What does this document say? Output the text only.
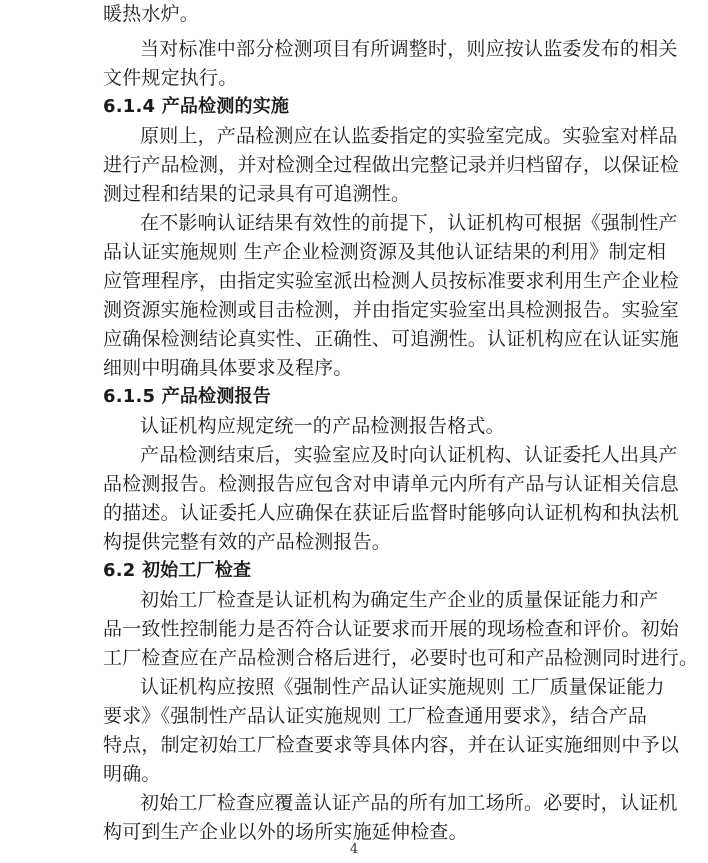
暖热水炉。
当对标准中部分检测项目有所调整时，则应按认监委发布的相关
文件规定执行。
6.1.4 产品检测的实施
原则上，产品检测应在认监委指定的实验室完成。实验室对样品
进行产品检测，并对检测全过程做出完整记录并归档留存，以保证检
测过程和结果的记录具有可追溯性。
在不影响认证结果有效性的前提下，认证机构可根据《强制性产
品认证实施规则 生产企业检测资源及其他认证结果的利用》制定相
应管理程序，由指定实验室派出检测人员按标准要求利用生产企业检
测资源实施检测或目击检测，并由指定实验室出具检测报告。实验室
应确保检测结论真实性、正确性、可追溯性。认证机构应在认证实施
细则中明确具体要求及程序。
6.1.5 产品检测报告
认证机构应规定统一的产品检测报告格式。
产品检测结束后，实验室应及时向认证机构、认证委托人出具产
品检测报告。检测报告应包含对申请单元内所有产品与认证相关信息
的描述。认证委托人应确保在获证后监督时能够向认证机构和执法机
构提供完整有效的产品检测报告。
6.2 初始工厂检查
初始工厂检查是认证机构为确定生产企业的质量保证能力和产
品一致性控制能力是否符合认证要求而开展的现场检查和评价。初始
工厂检查应在产品检测合格后进行，必要时也可和产品检测同时进行。
认证机构应按照《强制性产品认证实施规则 工厂质量保证能力
要求》《强制性产品认证实施规则 工厂检查通用要求》，结合产品
特点，制定初始工厂检查要求等具体内容，并在认证实施细则中予以
明确。
初始工厂检查应覆盖认证产品的所有加工场所。必要时，认证机
构可到生产企业以外的场所实施延伸检查。
4
